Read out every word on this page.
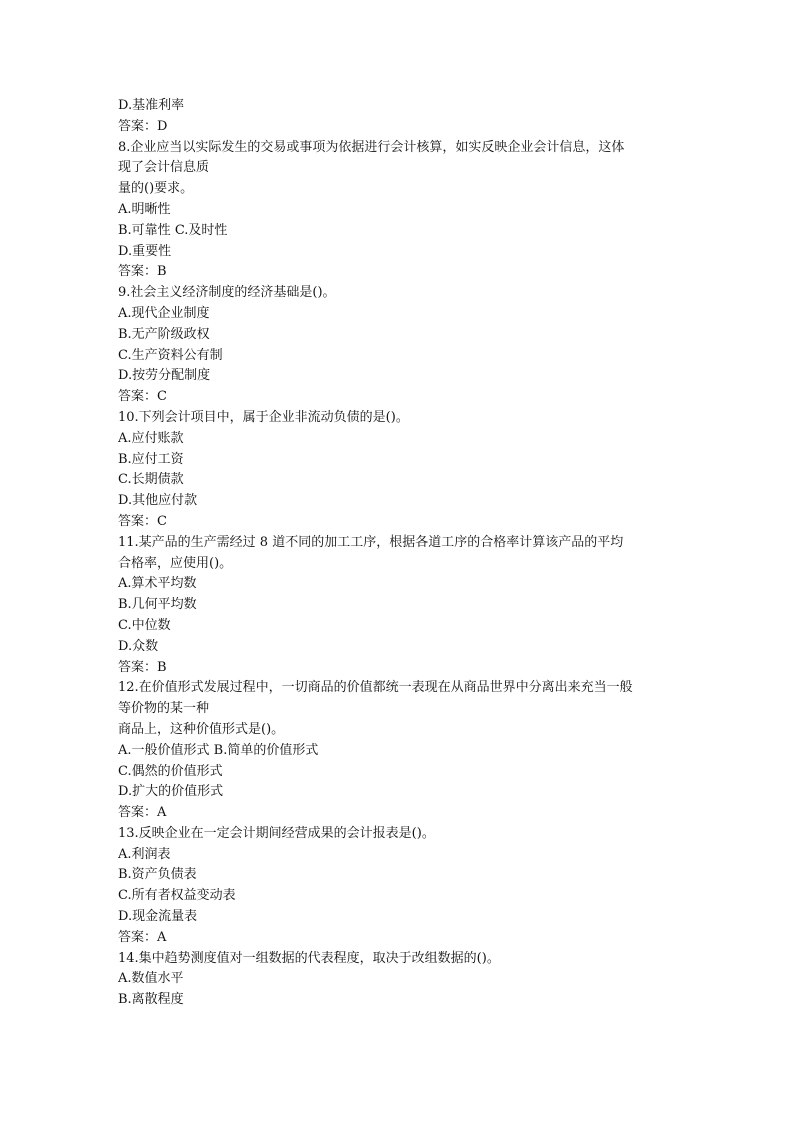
D.基准利率
答案：D
8.企业应当以实际发生的交易或事项为依据进行会计核算，如实反映企业会计信息，这体
现了会计信息质
量的()要求。
A.明晰性
B.可靠性 C.及时性
D.重要性
答案：B
9.社会主义经济制度的经济基础是()。
A.现代企业制度
B.无产阶级政权
C.生产资料公有制
D.按劳分配制度
答案：C
10.下列会计项目中，属于企业非流动负债的是()。
A.应付账款
B.应付工资
C.长期债款
D.其他应付款
答案：C
11.某产品的生产需经过 8 道不同的加工工序，根据各道工序的合格率计算该产品的平均
合格率，应使用()。
A.算术平均数
B.几何平均数
C.中位数
D.众数
答案：B
12.在价值形式发展过程中，一切商品的价值都统一表现在从商品世界中分离出来充当一般
等价物的某一种
商品上，这种价值形式是()。
A.一般价值形式 B.简单的价值形式
C.偶然的价值形式
D.扩大的价值形式
答案：A
13.反映企业在一定会计期间经营成果的会计报表是()。
A.利润表
B.资产负债表
C.所有者权益变动表
D.现金流量表
答案：A
14.集中趋势测度值对一组数据的代表程度，取决于改组数据的()。
A.数值水平
B.离散程度
